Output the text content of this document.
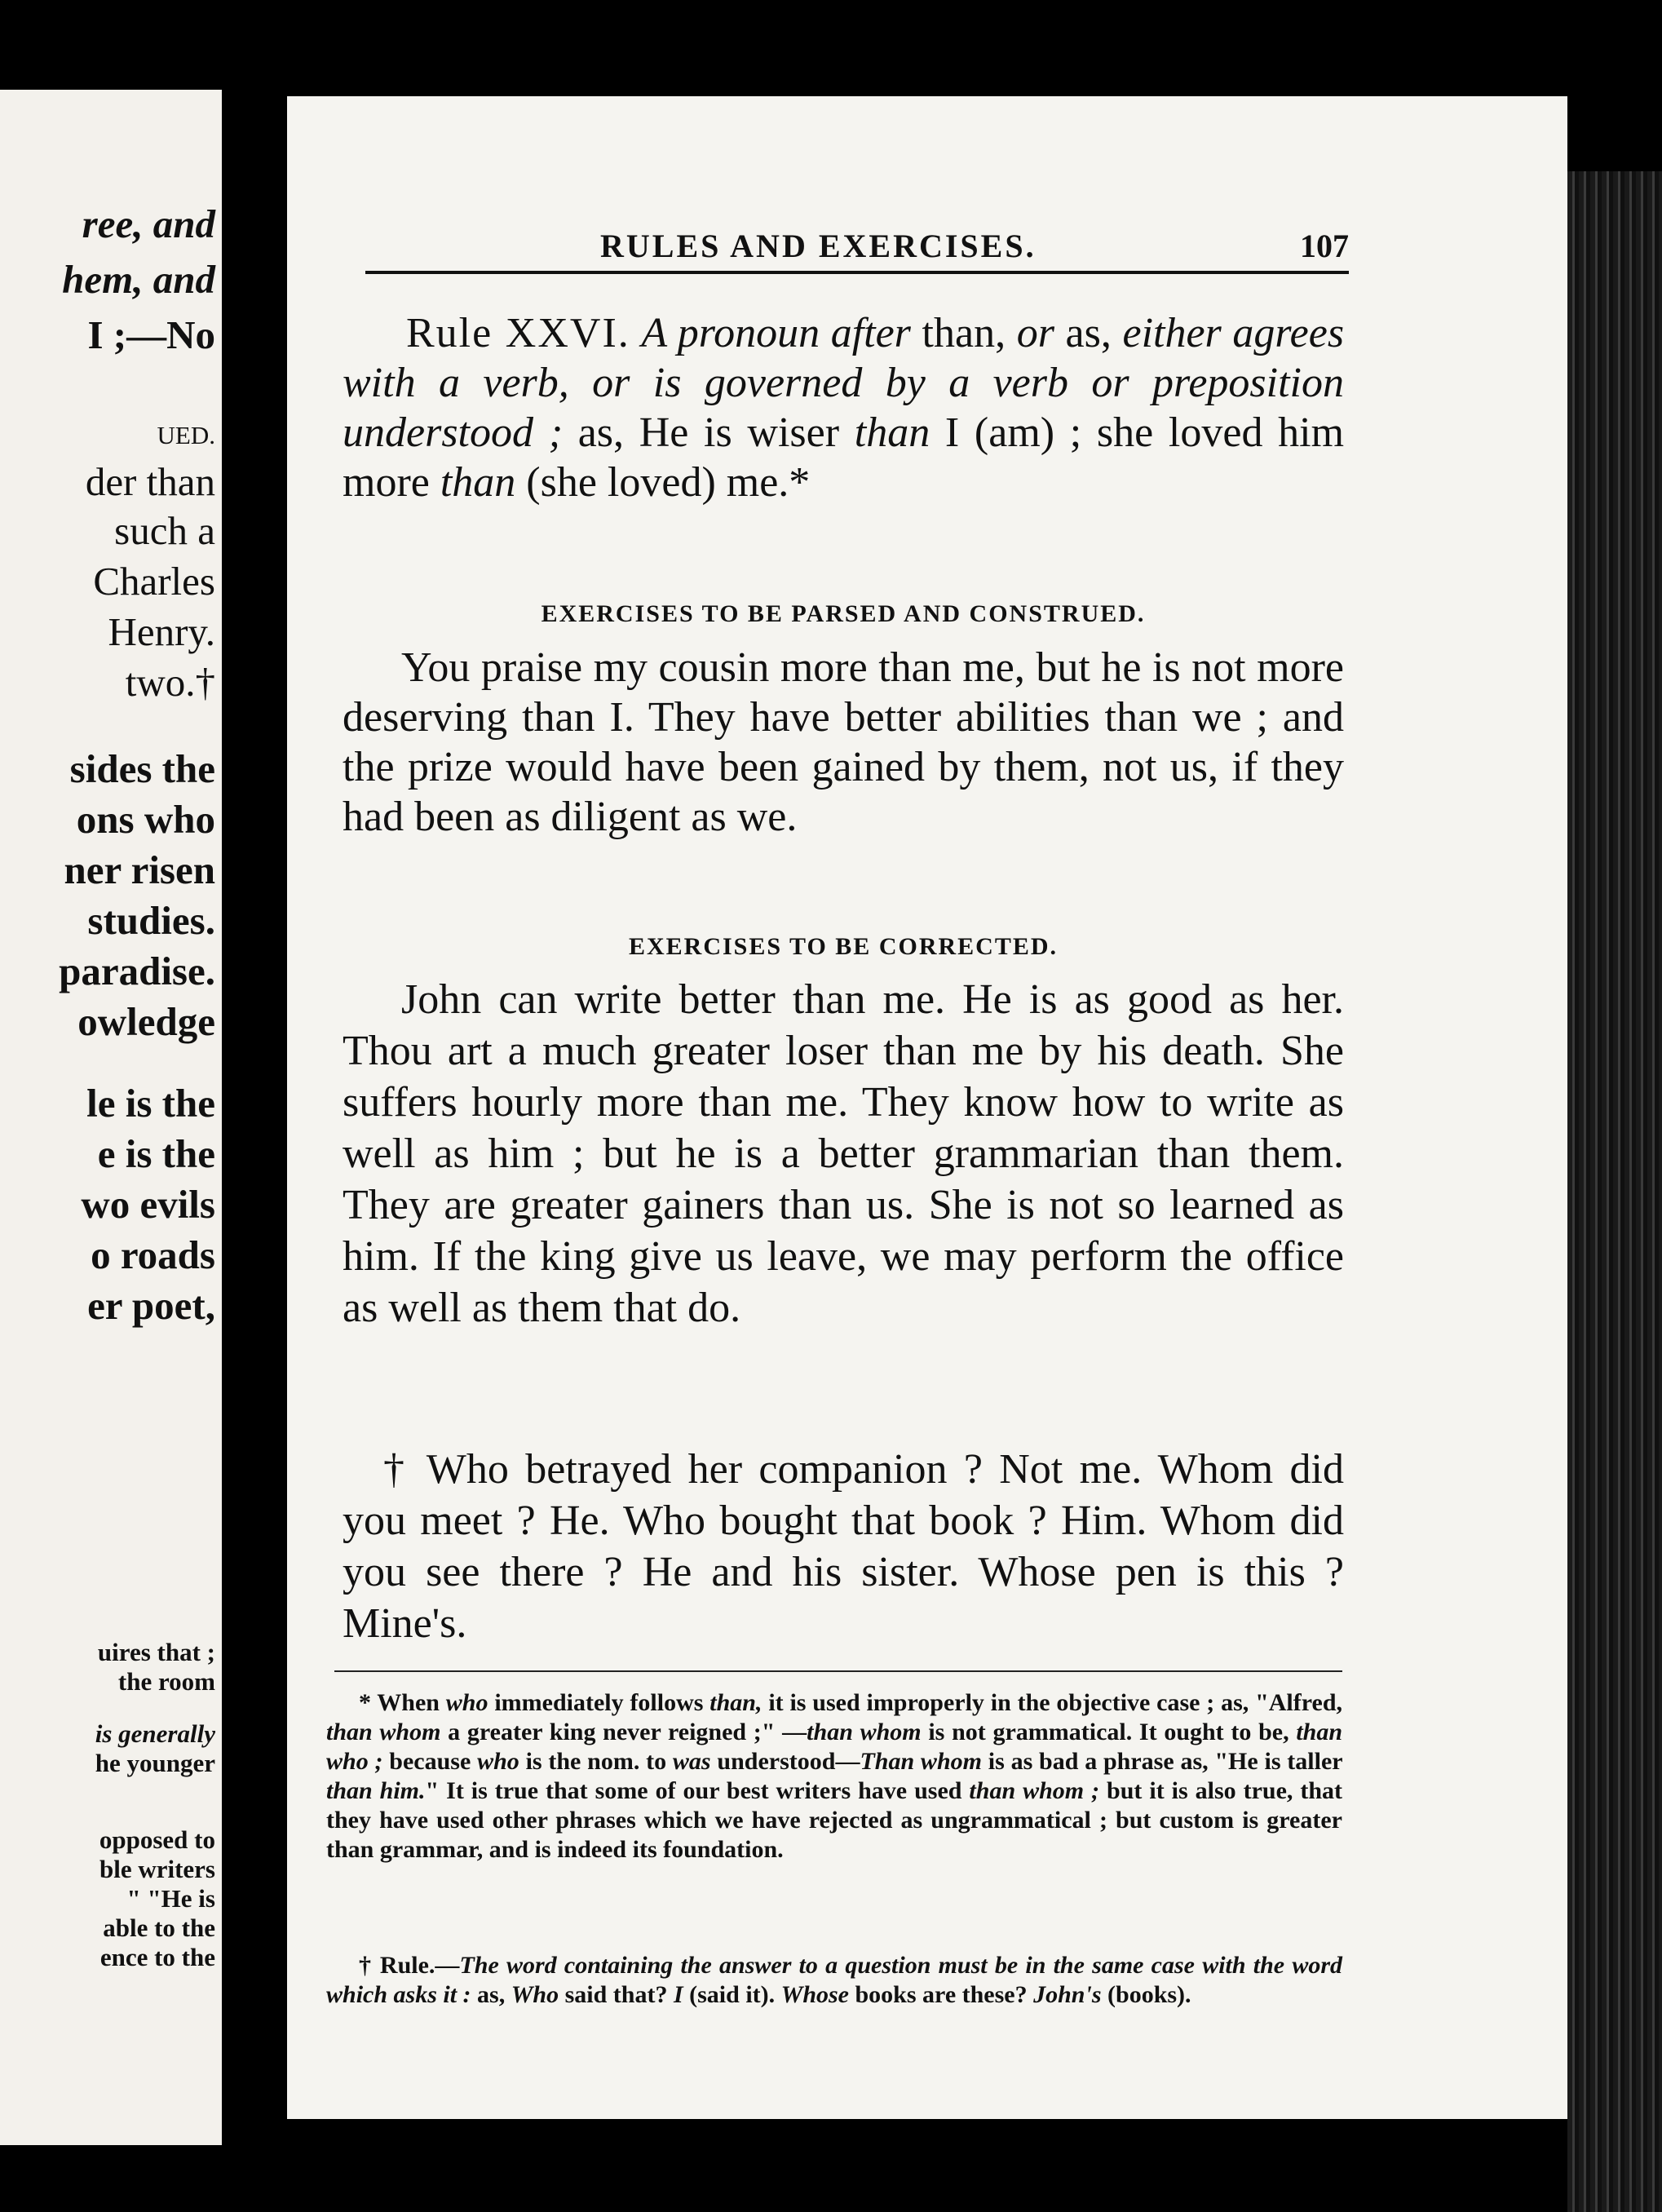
ree, and
hem, and
I ;—No
UED.
der than
such a
Charles
Henry.
two.†
sides the
ons who
ner risen
studies.
paradise.
owledge
le is the
e is the
wo evils
o roads
er poet,
uires that ;
the room
is generally
he younger
opposed to
ble writers
" "He is
able to the
ence to the
RULES AND EXERCISES.	107
Rule XXVI. A pronoun after than, or as, either agrees with a verb, or is governed by a verb or preposition understood ; as, He is wiser than I (am) ; she loved him more than (she loved) me.*
EXERCISES TO BE PARSED AND CONSTRUED.
You praise my cousin more than me, but he is not more deserving than I. They have better abilities than we ; and the prize would have been gained by them, not us, if they had been as diligent as we.
EXERCISES TO BE CORRECTED.
John can write better than me. He is as good as her. Thou art a much greater loser than me by his death. She suffers hourly more than me. They know how to write as well as him ; but he is a better grammarian than them. They are greater gainers than us. She is not so learned as him. If the king give us leave, we may perform the office as well as them that do.
† Who betrayed her companion ? Not me. Whom did you meet ? He. Who bought that book ? Him. Whom did you see there ? He and his sister. Whose pen is this ? Mine's.
* When who immediately follows than, it is used improperly in the objective case ; as, "Alfred, than whom a greater king never reigned ;" —than whom is not grammatical. It ought to be, than who ; because who is the nom. to was understood—Than whom is as bad a phrase as, "He is taller than him." It is true that some of our best writers have used than whom ; but it is also true, that they have used other phrases which we have rejected as ungrammatical ; but custom is greater than grammar, and is indeed its foundation.
† Rule.—The word containing the answer to a question must be in the same case with the word which asks it : as, Who said that? I (said it). Whose books are these? John's (books).
